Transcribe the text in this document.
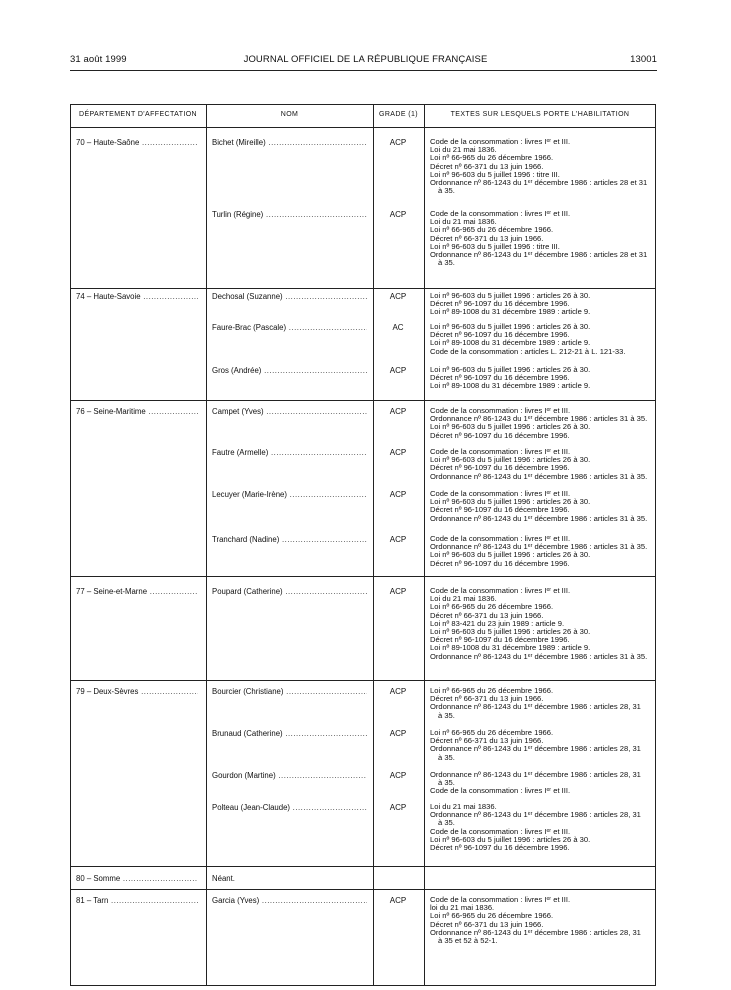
31 août 1999	JOURNAL OFFICIEL DE LA RÉPUBLIQUE FRANÇAISE	13001
DÉPARTEMENT D'AFFECTATION	NOM	GRADE (1)	TEXTES SUR LESQUELS PORTE L'HABILITATION
70 – Haute-Saône .....	Bichet (Mireille) .....	ACP	Code de la consommation : livres Iᵉʳ et III.
Loi du 21 mai 1836.
Loi nº 66-965 du 26 décembre 1966.
Décret nº 66-371 du 13 juin 1966.
Loi nº 96-603 du 5 juillet 1996 : titre III.
Ordonnance nº 86-1243 du 1ᵉʳ décembre 1986 : articles 28 et 31
à 35.
Turlin (Régine) .....	ACP	Code de la consommation : livres Iᵉʳ et III.
Loi du 21 mai 1836.
Loi nº 66-965 du 26 décembre 1966.
Décret nº 66-371 du 13 juin 1966.
Loi nº 96-603 du 5 juillet 1996 : titre III.
Ordonnance nº 86-1243 du 1ᵉʳ décembre 1986 : articles 28 et 31
à 35.
74 – Haute-Savoie .....	Dechosal (Suzanne) .....	ACP	Loi nº 96-603 du 5 juillet 1996 : articles 26 à 30.
Décret nº 96-1097 du 16 décembre 1996.
Loi nº 89-1008 du 31 décembre 1989 : article 9.
Faure-Brac (Pascale) .....	AC	Loi nº 96-603 du 5 juillet 1996 : articles 26 à 30.
Décret nº 96-1097 du 16 décembre 1996.
Loi nº 89-1008 du 31 décembre 1989 : article 9.
Code de la consommation : articles L. 212-21 à L. 121-33.
Gros (Andrée) .....	ACP	Loi nº 96-603 du 5 juillet 1996 : articles 26 à 30.
Décret nº 96-1097 du 16 décembre 1996.
Loi nº 89-1008 du 31 décembre 1989 : article 9.
76 – Seine-Maritime .....	Campet (Yves) .....	ACP	Code de la consommation : livres Iᵉʳ et III.
Ordonnance nº 86-1243 du 1ᵉʳ décembre 1986 : articles 31 à 35.
Loi nº 96-603 du 5 juillet 1996 : articles 26 à 30.
Décret nº 96-1097 du 16 décembre 1996.
Fautre (Armelle) .....	ACP	Code de la consommation : livres Iᵉʳ et III.
Loi nº 96-603 du 5 juillet 1996 : articles 26 à 30.
Décret nº 96-1097 du 16 décembre 1996.
Ordonnance nº 86-1243 du 1ᵉʳ décembre 1986 : articles 31 à 35.
Lecuyer (Marie-Irène) .....	ACP	Code de la consommation : livres Iᵉʳ et III.
Loi nº 96-603 du 5 juillet 1996 : articles 26 à 30.
Décret nº 96-1097 du 16 décembre 1996.
Ordonnance nº 86-1243 du 1ᵉʳ décembre 1986 : articles 31 à 35.
Tranchard (Nadine) .....	ACP	Code de la consommation : livres Iᵉʳ et III.
Ordonnance nº 86-1243 du 1ᵉʳ décembre 1986 : articles 31 à 35.
Loi nº 96-603 du 5 juillet 1996 : articles 26 à 30.
Décret nº 96-1097 du 16 décembre 1996.
77 – Seine-et-Marne .....	Poupard (Catherine) .....	ACP	Code de la consommation : livres Iᵉʳ et III.
Loi du 21 mai 1836.
Loi nº 66-965 du 26 décembre 1966.
Décret nº 66-371 du 13 juin 1966.
Loi nº 83-421 du 23 juin 1989 : article 9.
Loi nº 96-603 du 5 juillet 1996 : articles 26 à 30.
Décret nº 96-1097 du 16 décembre 1996.
Loi nº 89-1008 du 31 décembre 1989 : article 9.
Ordonnance nº 86-1243 du 1ᵉʳ décembre 1986 : articles 31 à 35.
79 – Deux-Sèvres .....	Bourcier (Christiane) .....	ACP	Loi nº 66-965 du 26 décembre 1966.
Décret nº 66-371 du 13 juin 1966.
Ordonnance nº 86-1243 du 1ᵉʳ décembre 1986 : articles 28, 31
à 35.
Brunaud (Catherine) .....	ACP	Loi nº 66-965 du 26 décembre 1966.
Décret nº 66-371 du 13 juin 1966.
Ordonnance nº 86-1243 du 1ᵉʳ décembre 1986 : articles 28, 31
à 35.
Gourdon (Martine) .....	ACP	Ordonnance nº 86-1243 du 1ᵉʳ décembre 1986 : articles 28, 31
à 35.
Code de la consommation : livres Iᵉʳ et III.
Polteau (Jean-Claude) .....	ACP	Loi du 21 mai 1836.
Ordonnance nº 86-1243 du 1ᵉʳ décembre 1986 : articles 28, 31
à 35.
Code de la consommation : livres Iᵉʳ et III.
Loi nº 96-603 du 5 juillet 1996 : articles 26 à 30.
Décret nº 96-1097 du 16 décembre 1996.
80 – Somme .....	Néant.
81 – Tarn .....	Garcia (Yves) .....	ACP	Code de la consommation : livres Iᵉʳ et III.
loi du 21 mai 1836.
Loi nº 66-965 du 26 décembre 1966.
Décret nº 66-371 du 13 juin 1966.
Ordonnance nº 86-1243 du 1ᵉʳ décembre 1986 : articles 28, 31
à 35 et 52 à 52-1.
